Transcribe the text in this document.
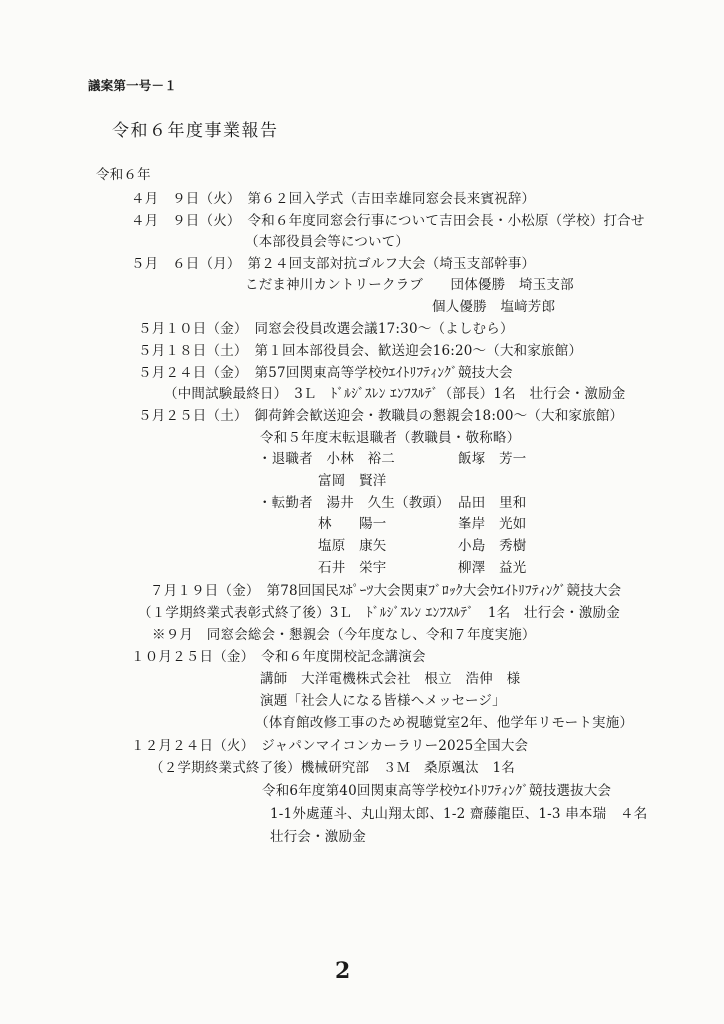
議案第一号－１
令和６年度事業報告
令和６年
４月　９日（火）　第６２回入学式（吉田幸雄同窓会長来賓祝辞）
４月　９日（火）　令和６年度同窓会行事について吉田会長・小松原（学校）打合せ
（本部役員会等について）
５月　６日（月）　第２４回支部対抗ゴルフ大会（埼玉支部幹事）
こだま神川カントリークラブ　　団体優勝　埼玉支部
個人優勝　塩﨑芳郎
５月１０日（金）　同窓会役員改選会議17:30～（よしむら）
５月１８日（土）　第１回本部役員会、歓送迎会16:20～（大和家旅館）
５月２４日（金）　第57回関東高等学校ｳｴｲﾄﾘﾌﾃｨﾝｸﾞ競技大会
（中間試験最終日）　3Ｌ　ﾄﾞﾙｼﾞｽﾚﾝ ｴﾝﾌｽﾙﾃﾞ（部長）1名　壮行会・激励金
５月２５日（土）　御荷鉾会歓送迎会・教職員の懇親会18:00～（大和家旅館）
令和５年度末転退職者（教職員・敬称略）
・退職者　小林　裕二	飯塚　芳一
富岡　賢洋
・転勤者　湯井　久生（教頭） 品田　里和
林　　陽一	峯岸　光如
塩原　康矢	小島　秀樹
石井　栄宇	柳澤　益光
７月１９日（金）　第78回国民ｽﾎﾟｰﾂ大会関東ﾌﾞﾛｯｸ大会ｳｴｲﾄﾘﾌﾃｨﾝｸﾞ競技大会
（１学期終業式表彰式終了後）3Ｌ　ﾄﾞﾙｼﾞｽﾚﾝ ｴﾝﾌｽﾙﾃﾞ　1名　壮行会・激励金
※９月　同窓会総会・懇親会（今年度なし、令和７年度実施）
１０月２５日（金）　令和６年度開校記念講演会
講師　大洋電機株式会社　根立　浩伸　様
演題「社会人になる皆様へメッセージ」
（体育館改修工事のため視聴覚室2年、他学年リモート実施）
１２月２４日（火）　ジャパンマイコンカーラリー2025全国大会
（２学期終業式終了後）機械研究部　３Ｍ　桑原颯汰　1名
令和6年度第40回関東高等学校ｳｴｲﾄﾘﾌﾃｨﾝｸﾞ競技選抜大会
1-1外處蓮斗、丸山翔太郎、1-2 齋藤龍臣、1-3 串本瑞　４名
壮行会・激励金
2
